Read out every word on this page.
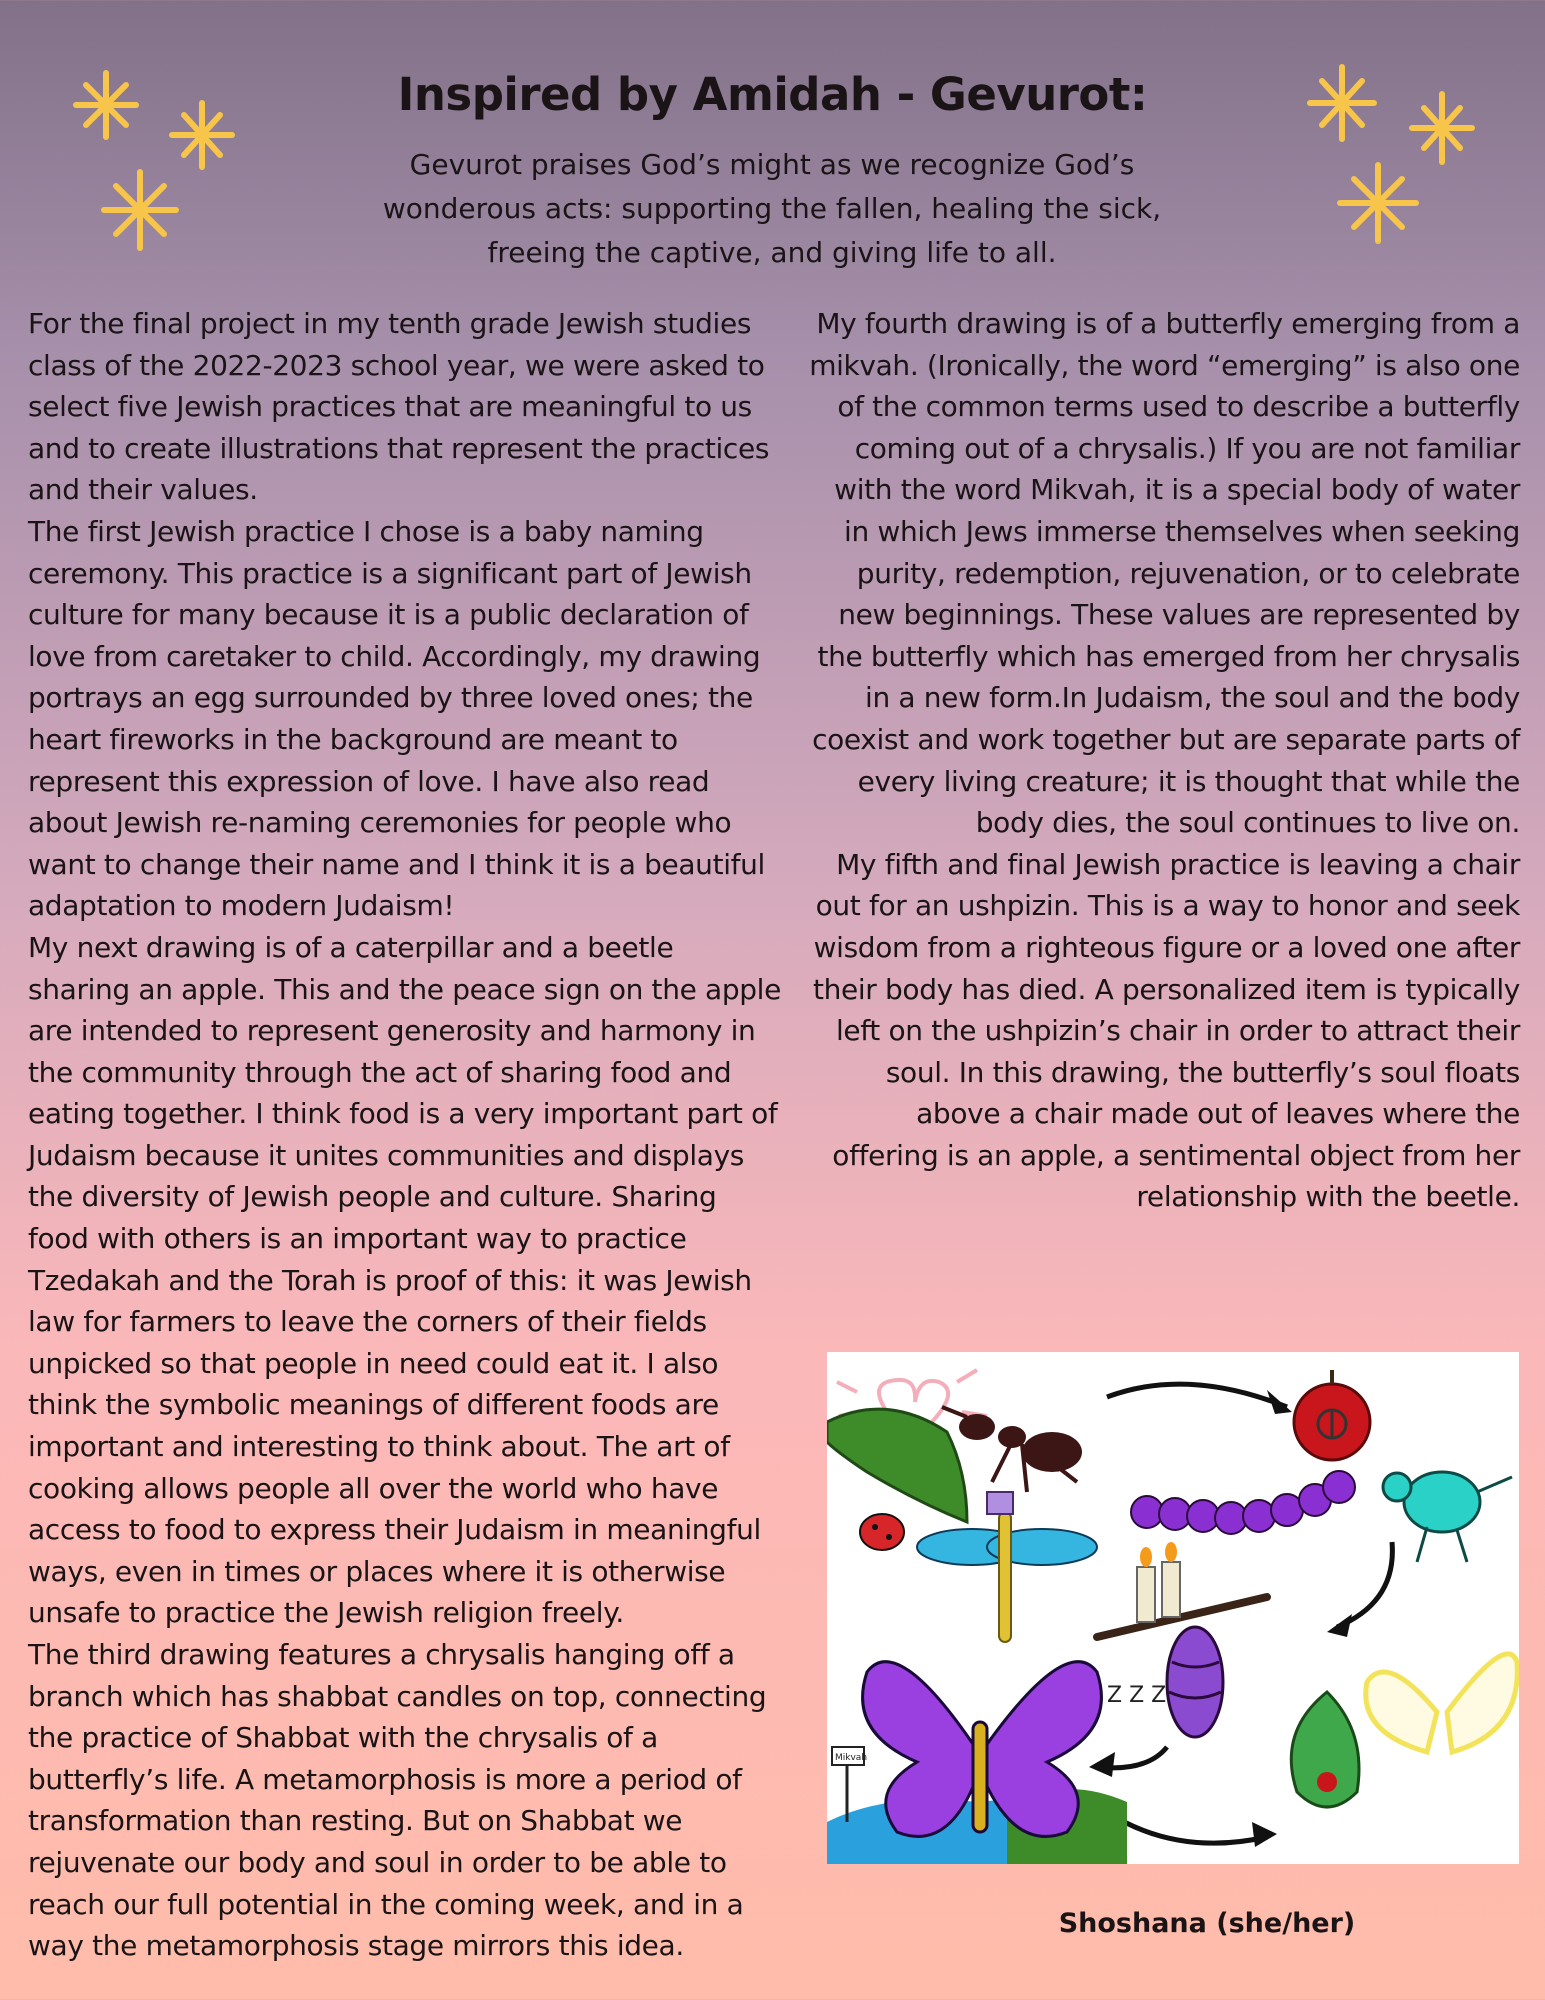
Inspired by Amidah - Gevurot:

Gevurot praises God’s might as we recognize God’s wonderous acts: supporting the fallen, healing the sick, freeing the captive, and giving life to all.

For the final project in my tenth grade Jewish studies class of the 2022-2023 school year, we were asked to select five Jewish practices that are meaningful to us and to create illustrations that represent the practices and their values.

The first Jewish practice I chose is a baby naming ceremony. This practice is a significant part of Jewish culture for many because it is a public declaration of love from caretaker to child. Accordingly, my drawing portrays an egg surrounded by three loved ones; the heart fireworks in the background are meant to represent this expression of love. I have also read about Jewish re-naming ceremonies for people who want to change their name and I think it is a beautiful adaptation to modern Judaism!

My next drawing is of a caterpillar and a beetle sharing an apple. This and the peace sign on the apple are intended to represent generosity and harmony in the community through the act of sharing food and eating together. I think food is a very important part of Judaism because it unites communities and displays the diversity of Jewish people and culture. Sharing food with others is an important way to practice Tzedakah and the Torah is proof of this: it was Jewish law for farmers to leave the corners of their fields unpicked so that people in need could eat it. I also think the symbolic meanings of different foods are important and interesting to think about. The art of cooking allows people all over the world who have access to food to express their Judaism in meaningful ways, even in times or places where it is otherwise unsafe to practice the Jewish religion freely.

The third drawing features a chrysalis hanging off a branch which has shabbat candles on top, connecting the practice of Shabbat with the chrysalis of a butterfly’s life. A metamorphosis is more a period of transformation than resting. But on Shabbat we rejuvenate our body and soul in order to be able to reach our full potential in the coming week, and in a way the metamorphosis stage mirrors this idea.

My fourth drawing is of a butterfly emerging from a mikvah. (Ironically, the word “emerging” is also one of the common terms used to describe a butterfly coming out of a chrysalis.) If you are not familiar with the word Mikvah, it is a special body of water in which Jews immerse themselves when seeking purity, redemption, rejuvenation, or to celebrate new beginnings. These values are represented by the butterfly which has emerged from her chrysalis in a new form.In Judaism, the soul and the body coexist and work together but are separate parts of every living creature; it is thought that while the body dies, the soul continues to live on.

My fifth and final Jewish practice is leaving a chair out for an ushpizin. This is a way to honor and seek wisdom from a righteous figure or a loved one after their body has died. A personalized item is typically left on the ushpizin’s chair in order to attract their soul. In this drawing, the butterfly’s soul floats above a chair made out of leaves where the offering is an apple, a sentimental object from her relationship with the beetle.

Z Z Z
Mikvah

Shoshana (she/her)
